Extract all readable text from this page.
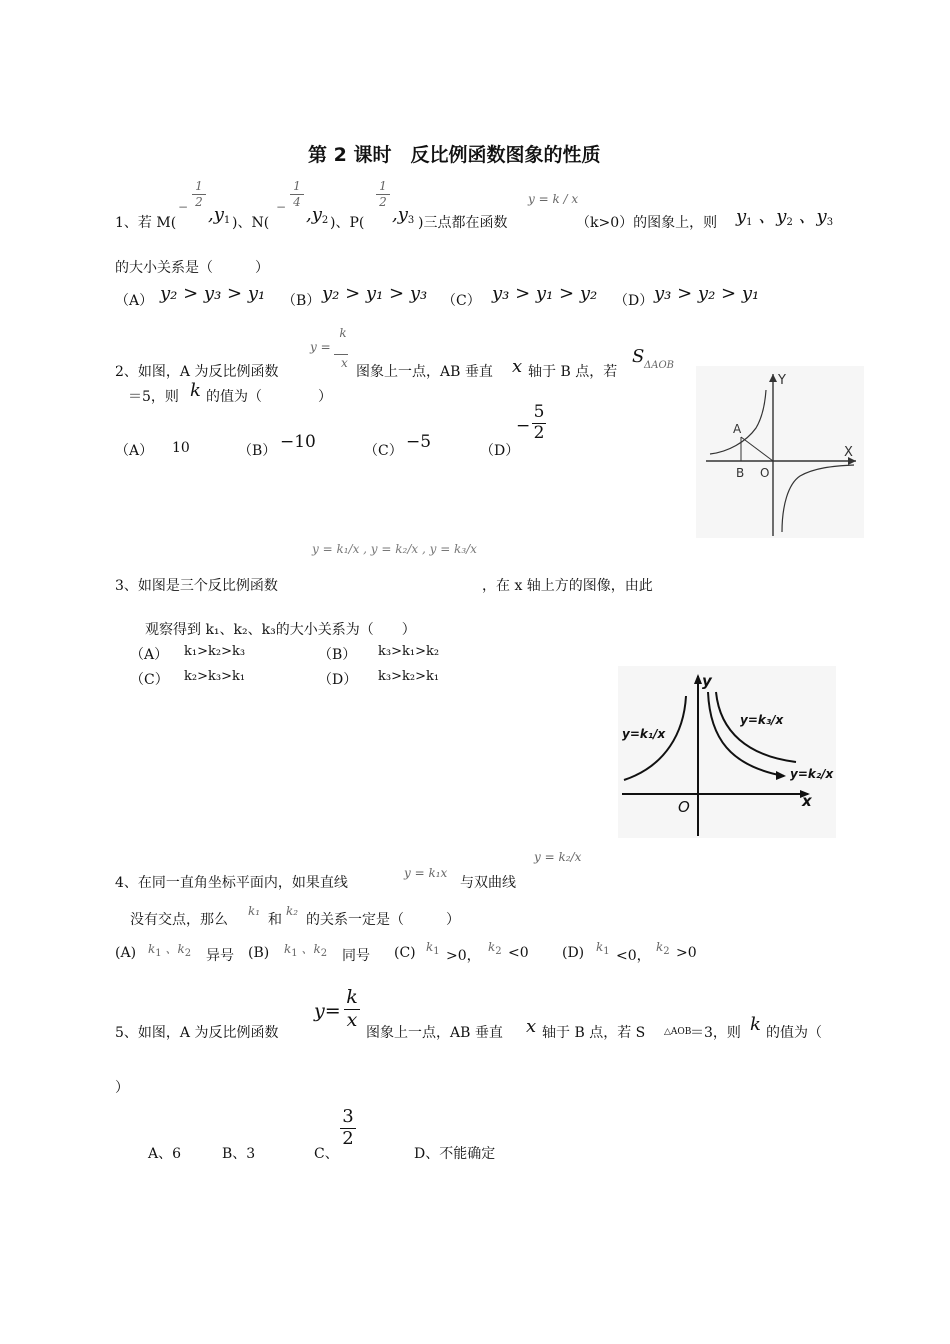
第 2 课时　反比例函数图象的性质
1、若 M(
−
1
2
$,y_1$ )、N(
−
1
4
$,y_2$ )、P(
1
2
$,y_3$ )三点都在函数
y = k / x
（k>0）的图象上，则 $y_1$ 、$y_2$ 、$y_3$
的大小关系是（　　　）
（A） y₂ > y₃ > y₁ （B） y₂ > y₁ > y₃ （C） y₃ > y₁ > y₂ （D） y₃ > y₂ > y₁
2、如图，A 为反比例函数
k
y =
x
图象上一点，AB 垂直 x 轴于 B 点，若
S ΔAOB
＝5，则 k 的值为（　　　　）
（A） 10	（B） −10	（C） −5	（D）
−
5
2
Y
X
A
B O
y = k₁/x , y = k₂/x , y = k₃/x
3、如图是三个反比例函数	，在 x 轴上方的图像，由此
观察得到 k₁、k₂、k₃的大小关系为（　　）
（A） k₁>k₂>k₃	（B） k₃>k₁>k₂
（C） k₂>k₃>k₁	（D） k₃>k₂>k₁	y
x
O
y=k₁/x
y=k₂/x
y=k₃/x
4、在同一直角坐标平面内，如果直线
y = k₁x
与双曲线
y = k₂/x
没有交点，那么
k₁
和
k₂
的关系一定是（　　　）
(A) $k_1$ 、$k_2$ 异号 (B) $k_1$ 、$k_2$ 同号 (C) $k_1 >0$，
$k_2 <0$ (D) $k_1 <0$，
$k_2 >0$
5、如图，A 为反比例函数
y=
k
x
图象上一点，AB 垂直 x 轴于 B 点，若 S △AOB
＝3，则 k 的值为（
）
A、6	B、3	C、
3
2
D、不能确定
